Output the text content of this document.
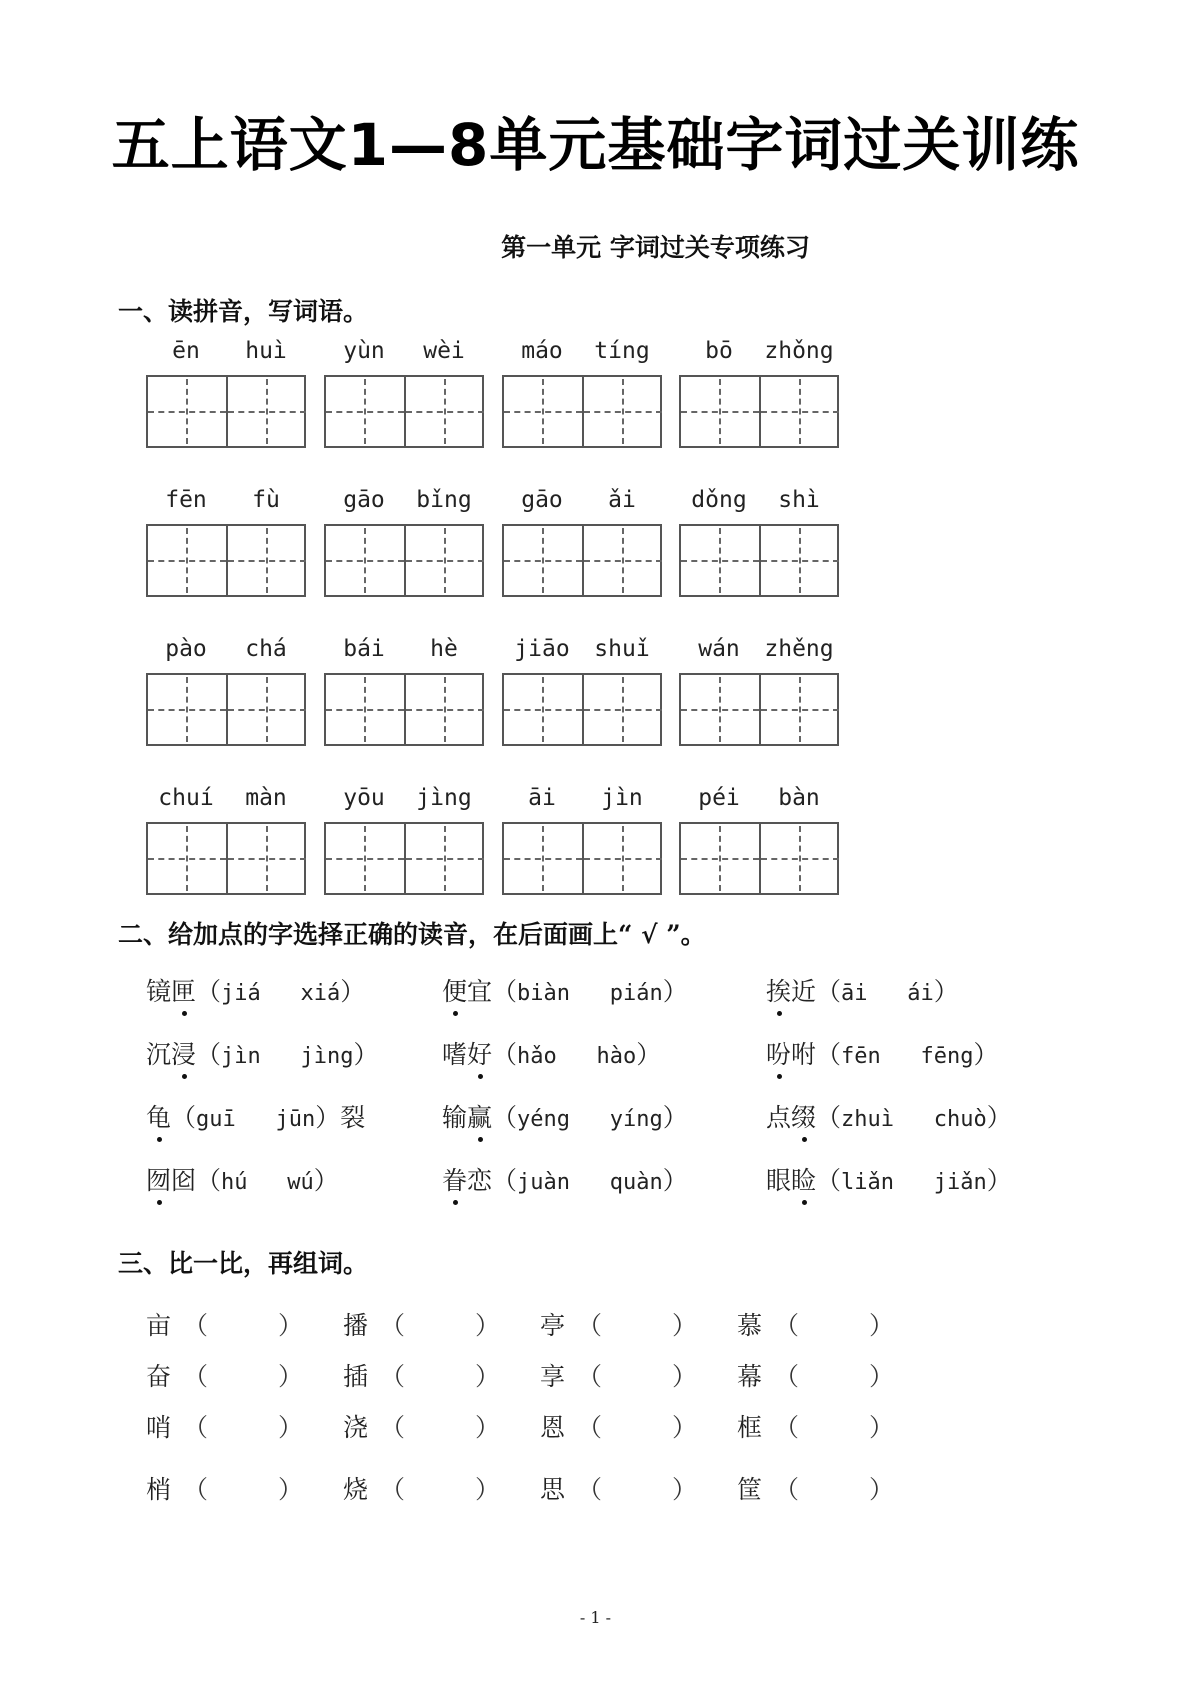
五上语文1—8单元基础字词过关训练
第一单元 字词过关专项练习
一、读拼音，写词语。
ēn	huì	yùn	wèi	máo	tíng	bō	zhǒng
fēn	fù	gāo	bǐng	gāo	ǎi	dǒng	shì
pào	chá	bái	hè	jiāo	shuǐ	wán	zhěng
chuí	màn	yōu	jìng	āi	jìn	péi	bàn
二、给加点的字选择正确的读音，在后面画上“ √ ”。
镜匣（jiá xiá）	便宜（biàn pián）	挨近（āi ái）
沉浸（jìn jìng）	嗜好（hǎo hào）	吩咐（fēn fēng）
龟（guī jūn）裂	输赢（yéng yíng）	点缀（zhuì chuò）
囫囵（hú wú）	眷恋（juàn quàn）	眼睑（liǎn jiǎn）
三、比一比，再组词。
亩 （	） 播 （	） 亭 （	） 慕 （	）
奋 （	） 插 （	） 享 （	） 幕 （	）
哨 （	） 浇 （	） 恩 （	） 框 （	）
梢 （	） 烧 （	） 思 （	） 筐 （	）
- 1 -
